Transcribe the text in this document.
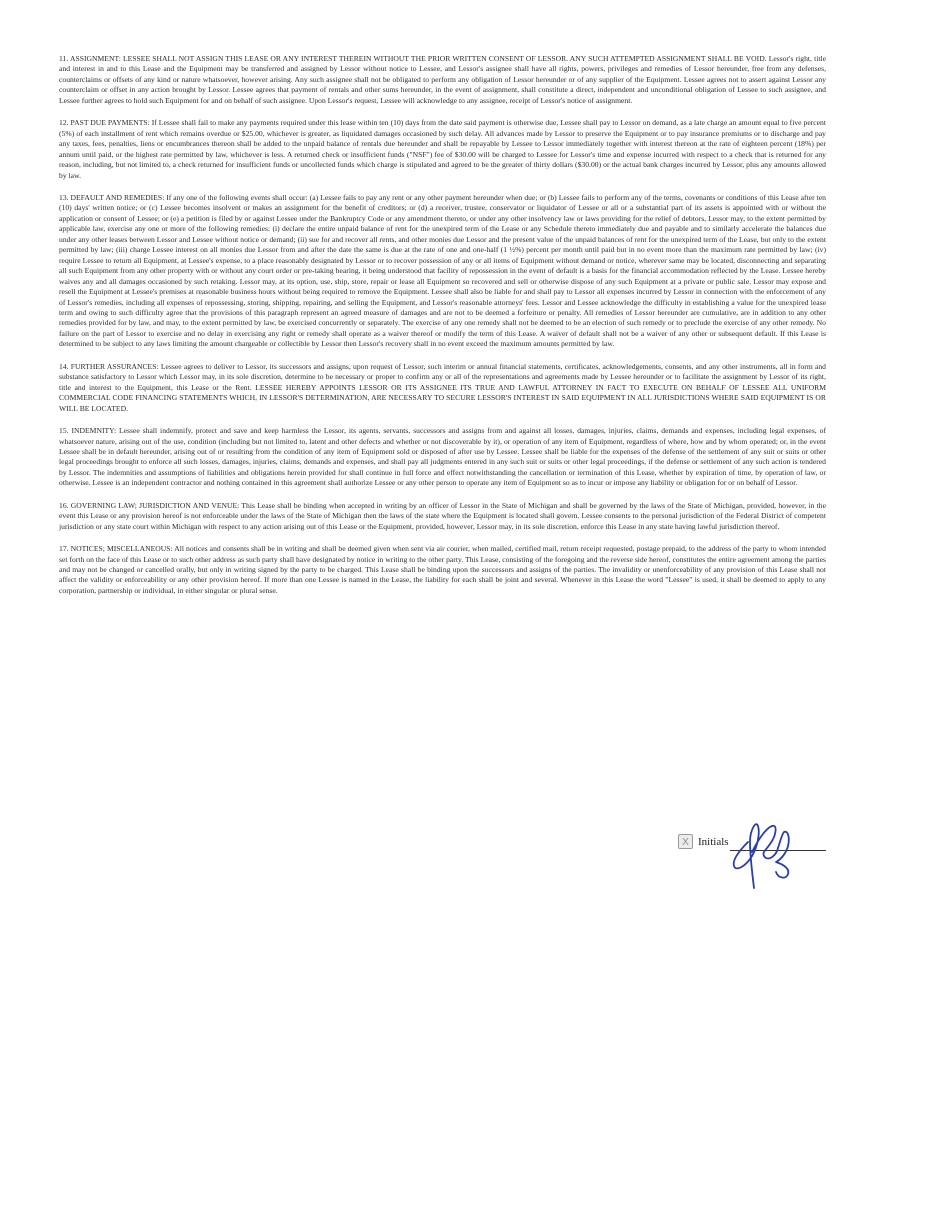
11. ASSIGNMENT: LESSEE SHALL NOT ASSIGN THIS LEASE OR ANY INTEREST THEREIN WITHOUT THE PRIOR WRITTEN CONSENT OF LESSOR. ANY SUCH ATTEMPTED ASSIGNMENT SHALL BE VOID. Lessor's right, title and interest in and to this Lease and the Equipment may be transferred and assigned by Lessor without notice to Lessee, and Lessor's assignee shall have all rights, powers, privileges and remedies of Lessor hereunder, free from any defenses, counterclaims or offsets of any kind or nature whatsoever, however arising. Any such assignee shall not be obligated to perform any obligation of Lessor hereunder or of any supplier of the Equipment. Lessee agrees not to assert against Lessor any counterclaim or offset in any action brought by Lessor. Lessee agrees that payment of rentals and other sums hereunder, in the event of assignment, shall constitute a direct, independent and unconditional obligation of Lessee to such assignee, and Lessee further agrees to hold such Equipment for and on behalf of such assignee. Upon Lessor's request, Lessee will acknowledge to any assignee, receipt of Lessor's notice of assignment.

12. PAST DUE PAYMENTS: If Lessee shall fail to make any payments required under this lease within ten (10) days from the date said payment is otherwise due, Lessee shall pay to Lessor on demand, as a late charge an amount equal to five percent (5%) of each installment of rent which remains overdue or $25.00, whichever is greater, as liquidated damages occasioned by such delay. All advances made by Lessor to preserve the Equipment or to pay insurance premiums or to discharge and pay any taxes, fees, penalties, liens or encumbrances thereon shall be added to the unpaid balance of rentals due hereunder and shall be repayable by Lessee to Lessor immediately together with interest thereon at the rate of eighteen percent (18%) per annum until paid, or the highest rate permitted by law, whichever is less. A returned check or insufficient funds ("NSF") fee of $30.00 will be charged to Lessee for Lessor's time and expense incurred with respect to a check that is returned for any reason, including, but not limited to, a check returned for insufficient funds or uncollected funds which charge is stipulated and agreed to be the greater of thirty dollars ($30.00) or the actual bank charges incurred by Lessor, plus any amounts allowed by law.

13. DEFAULT AND REMEDIES: If any one of the following events shall occur: (a) Lessee fails to pay any rent or any other payment hereunder when due; or (b) Lessee fails to perform any of the terms, covenants or conditions of this Lease after ten (10) days' written notice; or (c) Lessee becomes insolvent or makes an assignment for the benefit of creditors; or (d) a receiver, trustee, conservator or liquidator of Lessee or all or a substantial part of its assets is appointed with or without the application or consent of Lessee; or (e) a petition is filed by or against Lessee under the Bankruptcy Code or any amendment thereto, or under any other insolvency law or laws providing for the relief of debtors, Lessor may, to the extent permitted by applicable law, exercise any one or more of the following remedies: (i) declare the entire unpaid balance of rent for the unexpired term of the Lease or any Schedule thereto immediately due and payable and to similarly accelerate the balances due under any other leases between Lessor and Lessee without notice or demand; (ii) sue for and recover all rents, and other monies due Lessor and the present value of the unpaid balances of rent for the unexpired term of the Lease, but only to the extent permitted by law; (iii) charge Lessee interest on all monies due Lessor from and after the date the same is due at the rate of one and one-half (1 ½%) percent per month until paid but in no event more than the maximum rate permitted by law; (iv) require Lessee to return all Equipment, at Lessee's expense, to a place reasonably designated by Lessor or to recover possession of any or all items of Equipment without demand or notice, wherever same may be located, disconnecting and separating all such Equipment from any other property with or without any court order or pre-taking hearing, it being understood that facility of repossession in the event of default is a basis for the financial accommodation reflected by the Lease. Lessee hereby waives any and all damages occasioned by such retaking. Lessor may, at its option, use, ship, store, repair or lease all Equipment so recovered and sell or otherwise dispose of any such Equipment at a private or public sale. Lessor may expose and resell the Equipment at Lessee's premises at reasonable business hours without being required to remove the Equipment. Lessee shall also be liable for and shall pay to Lessor all expenses incurred by Lessor in connection with the enforcement of any of Lessor's remedies, including all expenses of repossessing, storing, shipping, repairing, and selling the Equipment, and Lessor's reasonable attorneys' fees. Lessor and Lessee acknowledge the difficulty in establishing a value for the unexpired lease term and owing to such difficulty agree that the provisions of this paragraph represent an agreed measure of damages and are not to be deemed a forfeiture or penalty. All remedies of Lessor hereunder are cumulative, are in addition to any other remedies provided for by law, and may, to the extent permitted by law, be exercised concurrently or separately. The exercise of any one remedy shall not be deemed to be an election of such remedy or to preclude the exercise of any other remedy. No failure on the part of Lessor to exercise and no delay in exercising any right or remedy shall operate as a waiver thereof or modify the term of this Lease. A waiver of default shall not be a waiver of any other or subsequent default. If this Lease is determined to be subject to any laws limiting the amount chargeable or collectible by Lessor then Lessor's recovery shall in no event exceed the maximum amounts permitted by law.

14. FURTHER ASSURANCES: Lessee agrees to deliver to Lessor, its successors and assigns, upon request of Lessor, such interim or annual financial statements, certificates, acknowledgements, consents, and any other instruments, all in form and substance satisfactory to Lessor which Lessor may, in its sole discretion, determine to be necessary or proper to confirm any or all of the representations and agreements made by Lessee hereunder or to facilitate the assignment by Lessor of its right, title and interest to the Equipment, this Lease or the Rent. LESSEE HEREBY APPOINTS LESSOR OR ITS ASSIGNEE ITS TRUE AND LAWFUL ATTORNEY IN FACT TO EXECUTE ON BEHALF OF LESSEE ALL UNIFORM COMMERCIAL CODE FINANCING STATEMENTS WHICH, IN LESSOR'S DETERMINATION, ARE NECESSARY TO SECURE LESSOR'S INTEREST IN SAID EQUIPMENT IN ALL JURISDICTIONS WHERE SAID EQUIPMENT IS OR WILL BE LOCATED.

15. INDEMNITY: Lessee shall indemnify, protect and save and keep harmless the Lessor, its agents, servants, successors and assigns from and against all losses, damages, injuries, claims, demands and expenses, including legal expenses, of whatsoever nature, arising out of the use, condition (including but not limited to, latent and other defects and whether or not discoverable by it), or operation of any item of Equipment, regardless of where, how and by whom operated; or, in the event Lessee shall be in default hereunder, arising out of or resulting from the condition of any item of Equipment sold or disposed of after use by Lessee. Lessee shall be liable for the expenses of the defense of the settlement of any suit or suits or other legal proceedings brought to enforce all such losses, damages, injuries, claims, demands and expenses, and shall pay all judgments entered in any such suit or suits or other legal proceedings, if the defense or settlement of any such action is tendered by Lessor. The indemnities and assumptions of liabilities and obligations herein provided for shall continue in full force and effect notwithstanding the cancellation or termination of this Lease, whether by expiration of time, by operation of law, or otherwise. Lessee is an independent contractor and nothing contained in this agreement shall authorize Lessee or any other person to operate any item of Equipment so as to incur or impose any liability or obligation for or on behalf of Lessor.

16. GOVERNING LAW; JURISDICTION AND VENUE: This Lease shall be binding when accepted in writing by an officer of Lessor in the State of Michigan and shall be governed by the laws of the State of Michigan, provided, however, in the event this Lease or any provision hereof is not enforceable under the laws of the State of Michigan then the laws of the state where the Equipment is located shall govern. Lessee consents to the personal jurisdiction of the Federal District of competent jurisdiction or any state court within Michigan with respect to any action arising out of this Lease or the Equipment, provided, however, Lessor may, in its sole discretion, enforce this Lease in any state having lawful jurisdiction thereof.

17. NOTICES; MISCELLANEOUS: All notices and consents shall be in writing and shall be deemed given when sent via air courier, when mailed, certified mail, return receipt requested, postage prepaid, to the address of the party to whom intended set forth on the face of this Lease or to such other address as such party shall have designated by notice in writing to the other party. This Lease, consisting of the foregoing and the reverse side hereof, constitutes the entire agreement among the parties and may not be changed or cancelled orally, but only in writing signed by the party to be charged. This Lease shall be binding upon the successors and assigns of the parties. The invalidity or unenforceability of any provision of this Lease shall not affect the validity or enforceability or any other provision hereof. If more than one Lessee is named in the Lease, the liability for each shall be joint and several. Whenever in this Lease the word "Lessee" is used, it shall be deemed to apply to any corporation, partnership or individual, in either singular or plural sense.

X Initials
